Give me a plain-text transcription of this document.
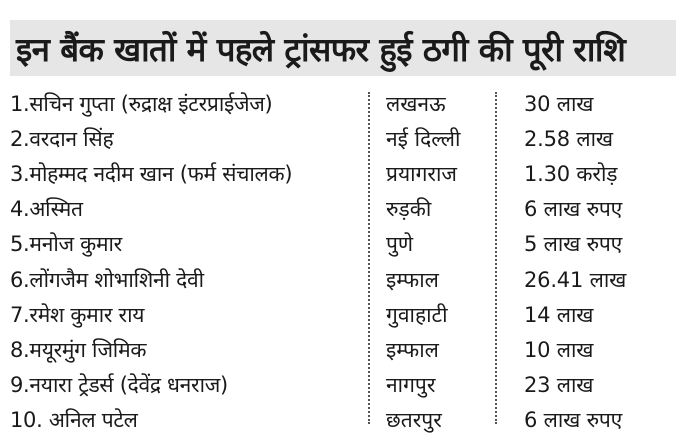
इन बैंक खातों में पहले ट्रांसफर हुई ठगी की पूरी राशि
1.सचिन गुप्ता (रुद्राक्ष इंटरप्राईजेज)	लखनऊ	30 लाख
2.वरदान सिंह	नई दिल्ली	2.58 लाख
3.मोहम्मद नदीम खान (फर्म संचालक)	प्रयागराज	1.30 करोड़
4.अस्मित	रुड़की	6 लाख रुपए
5.मनोज कुमार	पुणे	5 लाख रुपए
6.लोंगजैम शोभाशिनी देवी	इम्फाल	26.41 लाख
7.रमेश कुमार राय	गुवाहाटी	14 लाख
8.मयूरमुंग जिमिक	इम्फाल	10 लाख
9.नयारा ट्रेडर्स (देवेंद्र धनराज)	नागपुर	23 लाख
10. अनिल पटेल	छतरपुर	6 लाख रुपए
